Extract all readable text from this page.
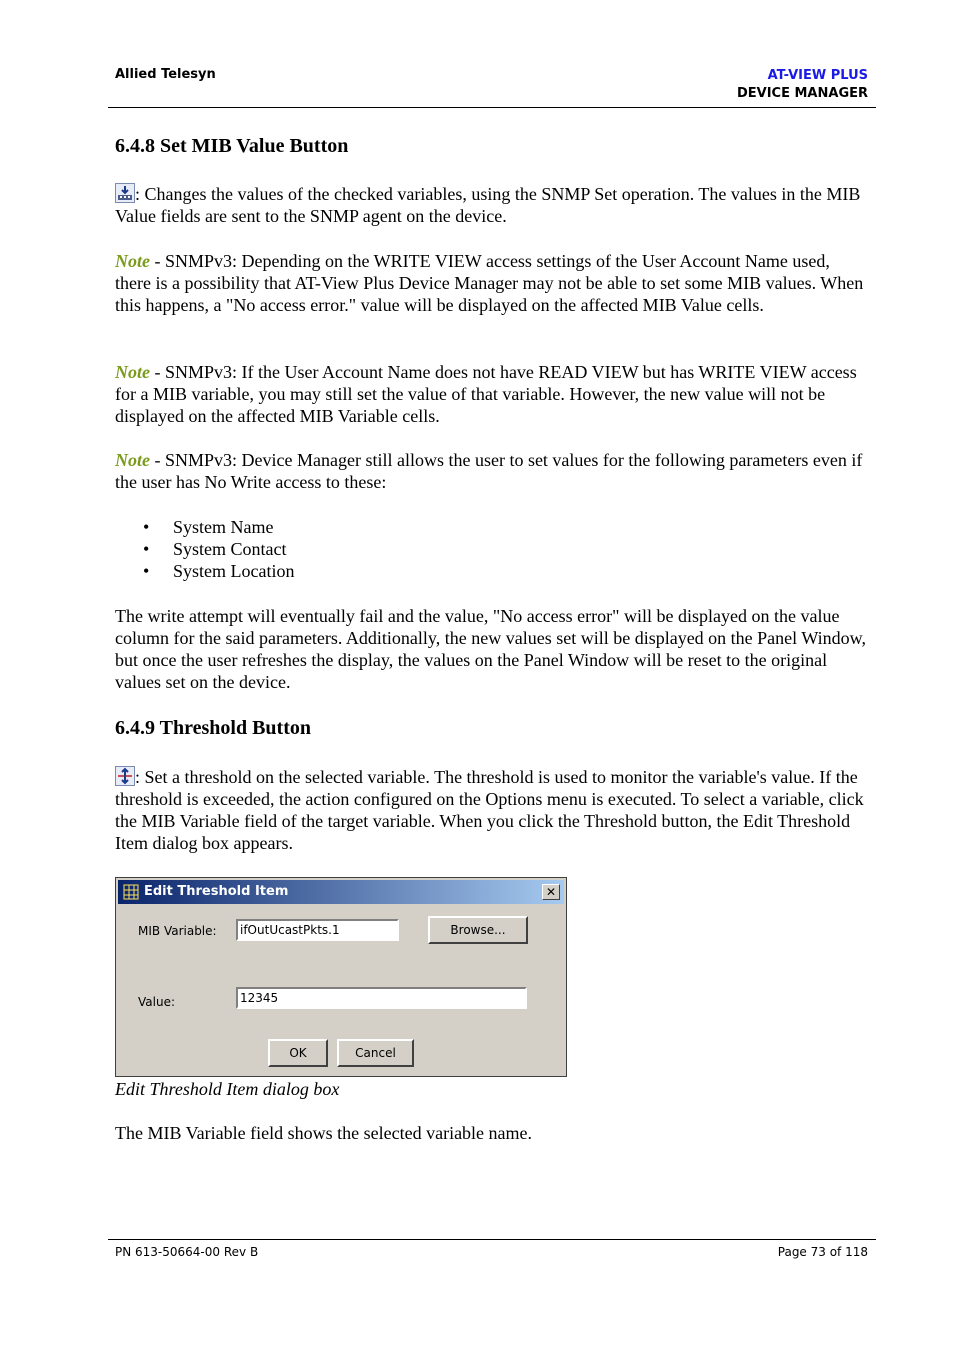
Allied Telesyn	AT-VIEW PLUS
DEVICE MANAGER
6.4.8 Set MIB Value Button

: Changes the values of the checked variables, using the SNMP Set operation. The values in the MIB Value fields are sent to the SNMP agent on the device.

Note - SNMPv3: Depending on the WRITE VIEW access settings of the User Account Name used, there is a possibility that AT-View Plus Device Manager may not be able to set some MIB values. When this happens, a "No access error." value will be displayed on the affected MIB Value cells.

Note - SNMPv3: If the User Account Name does not have READ VIEW but has WRITE VIEW access for a MIB variable, you may still set the value of that variable. However, the new value will not be displayed on the affected MIB Variable cells.

Note - SNMPv3: Device Manager still allows the user to set values for the following parameters even if the user has No Write access to these:

• System Name
• System Contact
• System Location

The write attempt will eventually fail and the value, "No access error" will be displayed on the value column for the said parameters. Additionally, the new values set will be displayed on the Panel Window, but once the user refreshes the display, the values on the Panel Window will be reset to the original values set on the device.

6.4.9 Threshold Button

: Set a threshold on the selected variable. The threshold is used to monitor the variable's value. If the threshold is exceeded, the action configured on the Options menu is executed. To select a variable, click the MIB Variable field of the target variable. When you click the Threshold button, the Edit Threshold Item dialog box appears.

Edit Threshold Item	✕
MIB Variable:	ifOutUcastPkts.1	Browse...
Value:	12345
OK	Cancel

Edit Threshold Item dialog box

The MIB Variable field shows the selected variable name.

PN 613-50664-00 Rev B	Page 73 of 118
